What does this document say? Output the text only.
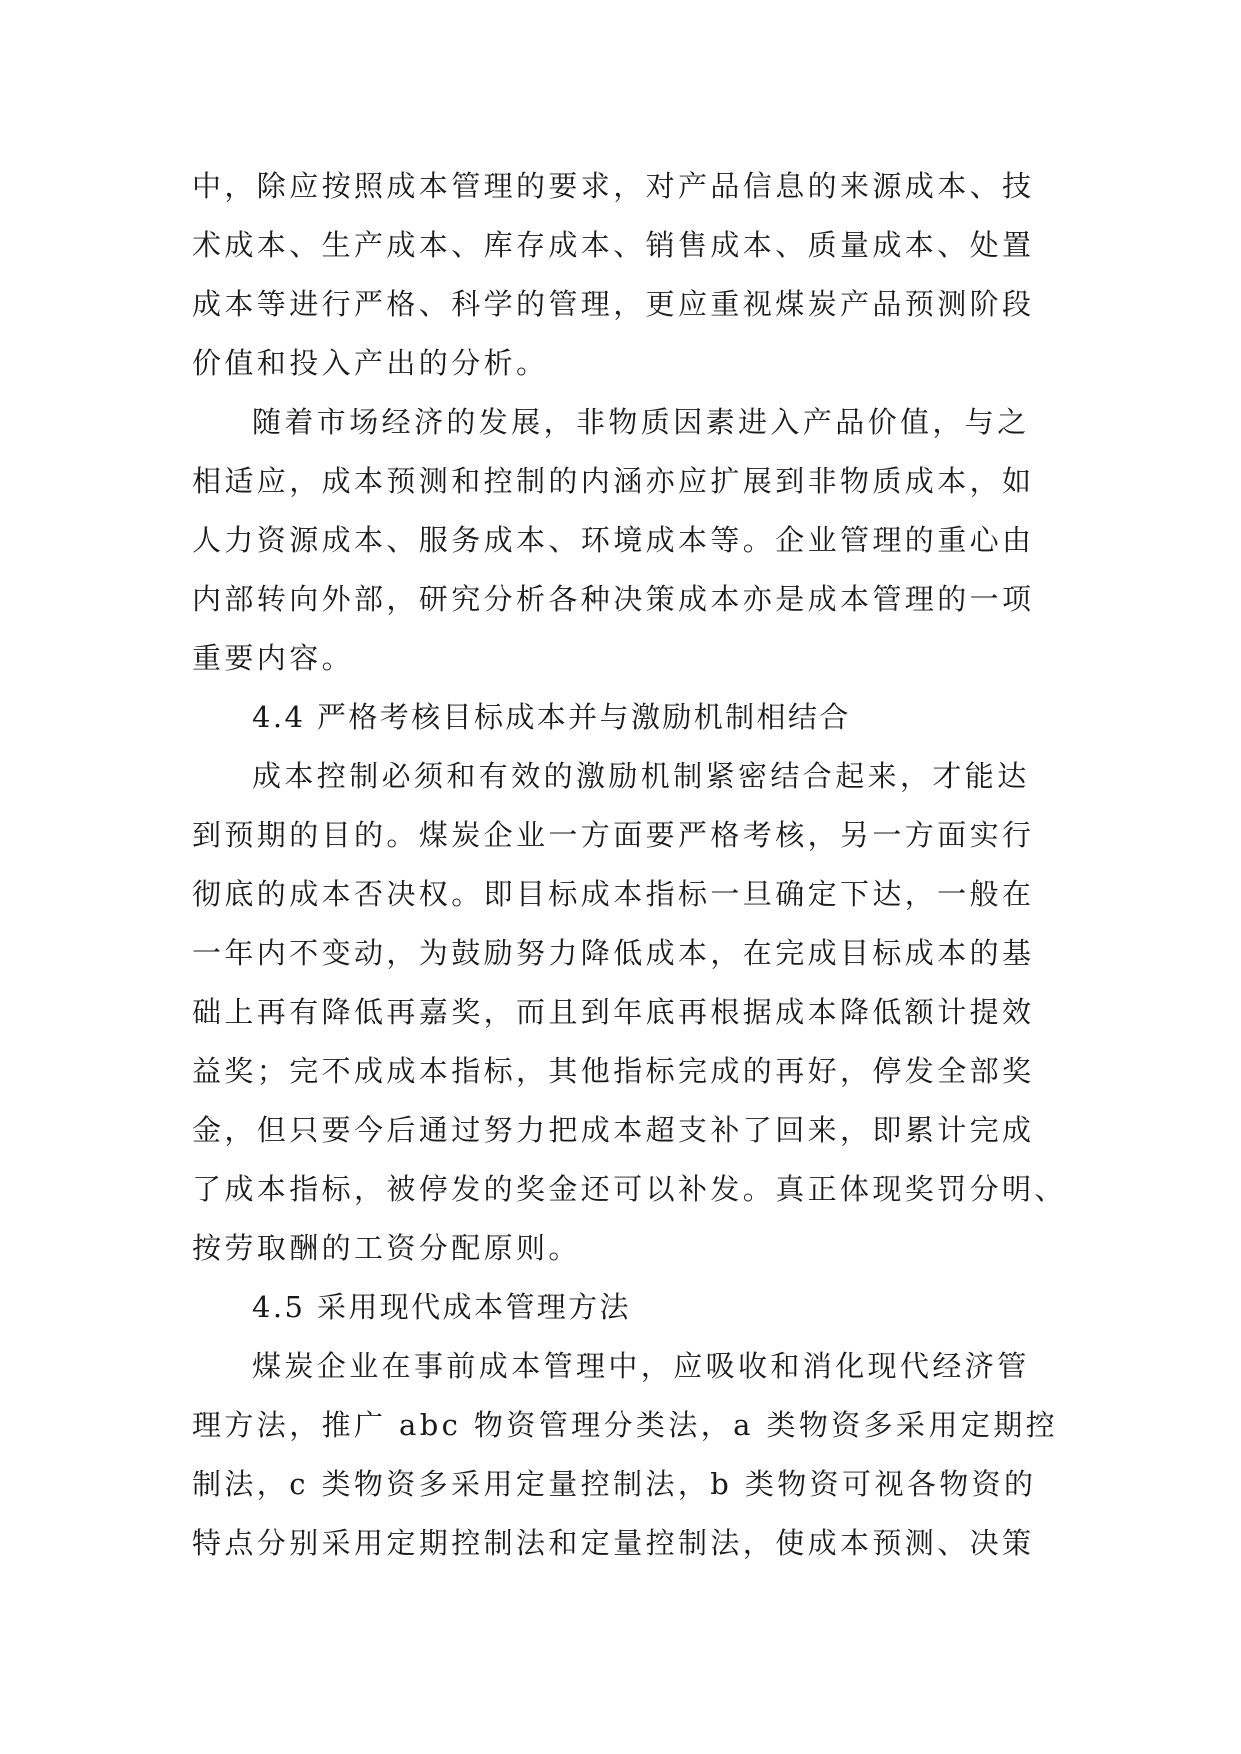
中，除应按照成本管理的要求，对产品信息的来源成本、技
术成本、生产成本、库存成本、销售成本、质量成本、处置
成本等进行严格、科学的管理，更应重视煤炭产品预测阶段
价值和投入产出的分析。
随着市场经济的发展，非物质因素进入产品价值，与之
相适应，成本预测和控制的内涵亦应扩展到非物质成本，如
人力资源成本、服务成本、环境成本等。企业管理的重心由
内部转向外部，研究分析各种决策成本亦是成本管理的一项
重要内容。
4.4 严格考核目标成本并与激励机制相结合
成本控制必须和有效的激励机制紧密结合起来，才能达
到预期的目的。煤炭企业一方面要严格考核，另一方面实行
彻底的成本否决权。即目标成本指标一旦确定下达，一般在
一年内不变动，为鼓励努力降低成本，在完成目标成本的基
础上再有降低再嘉奖，而且到年底再根据成本降低额计提效
益奖；完不成成本指标，其他指标完成的再好，停发全部奖
金，但只要今后通过努力把成本超支补了回来，即累计完成
了成本指标，被停发的奖金还可以补发。真正体现奖罚分明、
按劳取酬的工资分配原则。
4.5 采用现代成本管理方法
煤炭企业在事前成本管理中，应吸收和消化现代经济管
理方法，推广 abc 物资管理分类法，a 类物资多采用定期控
制法，c 类物资多采用定量控制法，b 类物资可视各物资的
特点分别采用定期控制法和定量控制法，使成本预测、决策
